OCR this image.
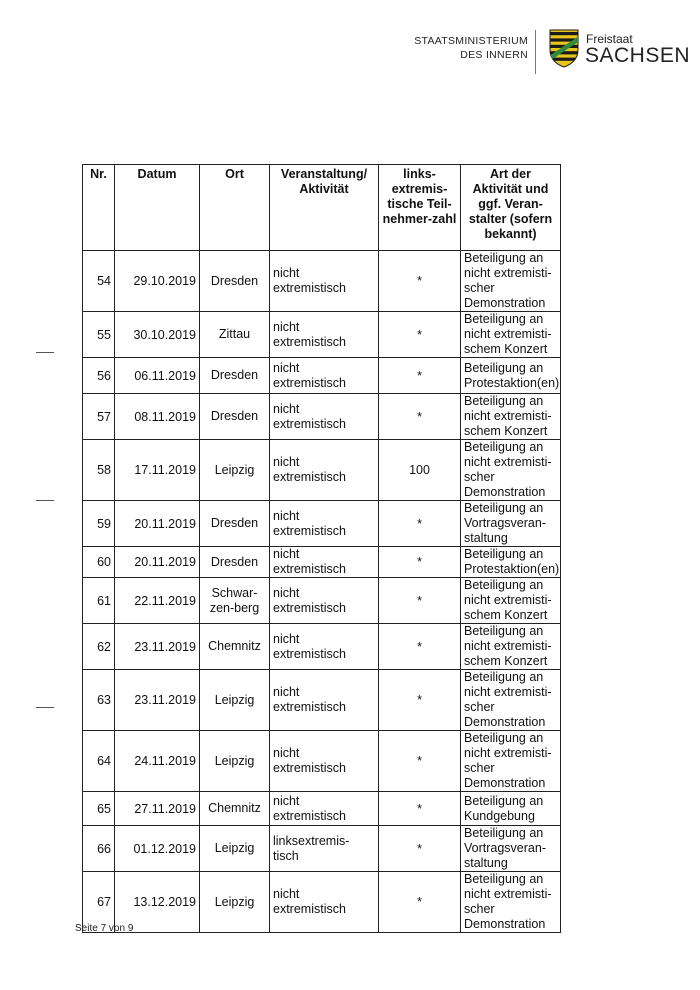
STAATSMINISTERIUM
DES INNERN
Freistaat
SACHSEN
Nr.	Datum	Ort	Veranstaltung/ Aktivität	links-extremis-tische Teil-nehmer-zahl	Art der Aktivität und ggf. Veran-stalter (sofern bekannt)
54	29.10.2019	Dresden	nicht extremistisch	*	Beteiligung an nicht extremisti-scher Demonstration
55	30.10.2019	Zittau	nicht extremistisch	*	Beteiligung an nicht extremisti-schem Konzert
56	06.11.2019	Dresden	nicht extremistisch	*	Beteiligung an Protestaktion(en)
57	08.11.2019	Dresden	nicht extremistisch	*	Beteiligung an nicht extremisti-schem Konzert
58	17.11.2019	Leipzig	nicht extremistisch	100	Beteiligung an nicht extremisti-scher Demonstration
59	20.11.2019	Dresden	nicht extremistisch	*	Beteiligung an Vortragsveran-staltung
60	20.11.2019	Dresden	nicht extremistisch	*	Beteiligung an Protestaktion(en)
61	22.11.2019	Schwar-zen-berg	nicht extremistisch	*	Beteiligung an nicht extremisti-schem Konzert
62	23.11.2019	Chemnitz	nicht extremistisch	*	Beteiligung an nicht extremisti-schem Konzert
63	23.11.2019	Leipzig	nicht extremistisch	*	Beteiligung an nicht extremisti-scher Demonstration
64	24.11.2019	Leipzig	nicht extremistisch	*	Beteiligung an nicht extremisti-scher Demonstration
65	27.11.2019	Chemnitz	nicht extremistisch	*	Beteiligung an Kundgebung
66	01.12.2019	Leipzig	linksextremis-tisch	*	Beteiligung an Vortragsveran-staltung
67	13.12.2019	Leipzig	nicht extremistisch	*	Beteiligung an nicht extremisti-scher Demonstration
Seite 7 von 9
